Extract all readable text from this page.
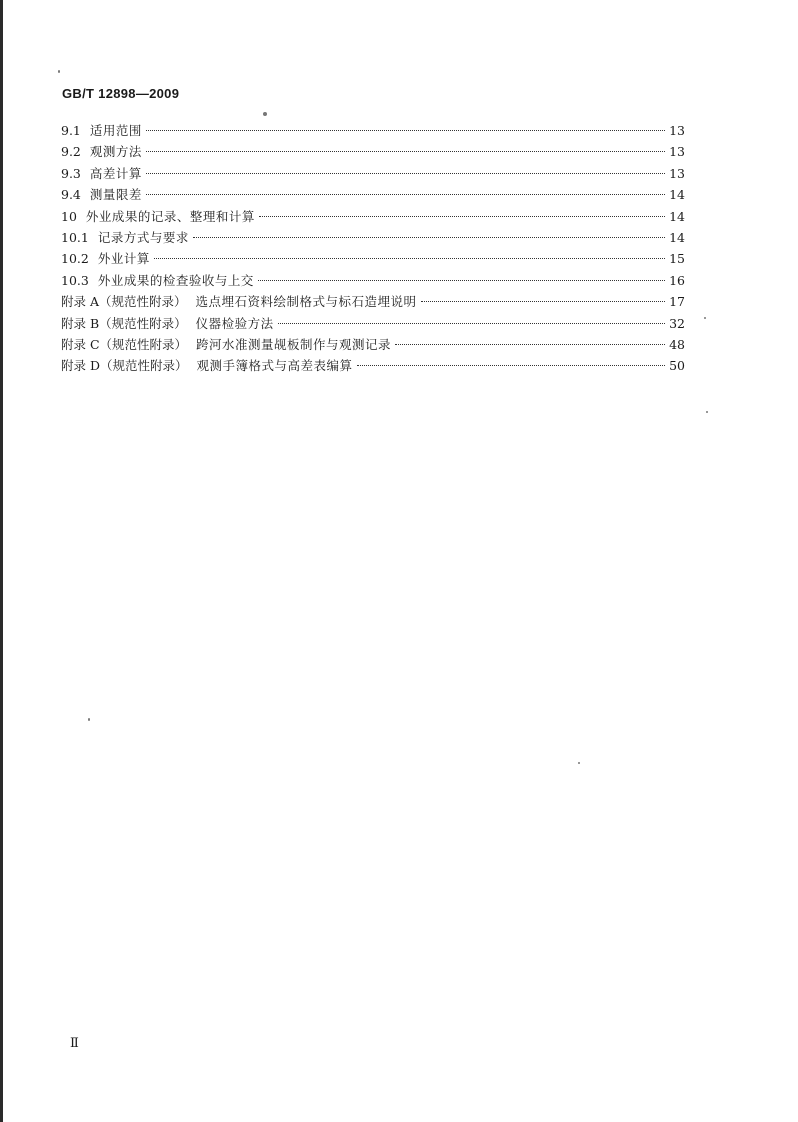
GB/T 12898—2009
9.1 适用范围	13
9.2 观测方法	13
9.3 高差计算	13
9.4 测量限差	14
10 外业成果的记录、整理和计算	14
10.1 记录方式与要求	14
10.2 外业计算	15
10.3 外业成果的检查验收与上交	16
附录 A（规范性附录） 选点埋石资料绘制格式与标石造埋说明	17
附录 B（规范性附录） 仪器检验方法	32
附录 C（规范性附录） 跨河水准测量觇板制作与观测记录	48
附录 D（规范性附录） 观测手簿格式与高差表编算	50
Ⅱ
